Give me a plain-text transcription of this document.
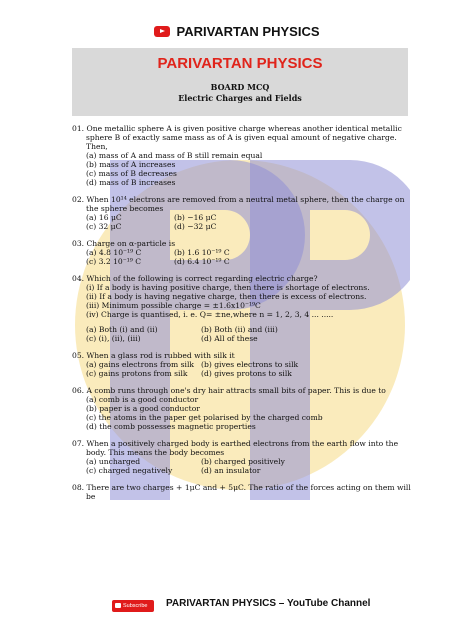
PARIVARTAN PHYSICS
PARIVARTAN PHYSICS
BOARD MCQ
Electric Charges and Fields
01. One metallic sphere A is given positive charge whereas another identical metallic sphere B of exactly same mass as of A is given equal amount of negative charge. Then,
(a) mass of A and mass of B still remain equal
(b) mass of A increases
(c) mass of B decreases
(d) mass of B increases
02. When 10¹⁴ electrons are removed from a neutral metal sphere, then the charge on the sphere becomes
(a) 16 μC	(b) −16 μC
(c) 32 μC	(d) −32 μC
03. Charge on α-particle is
(a) 4.8 10⁻¹⁹ C	(b) 1.6 10⁻¹⁹ C
(c) 3.2 10⁻¹⁹ C	(d) 6.4 10⁻¹⁹ C
04. Which of the following is correct regarding electric charge?
(i) If a body is having positive charge, then there is shortage of electrons.
(ii) If a body is having negative charge, then there is excess of electrons.
(iii) Minimum possible charge = ±1.6x10⁻¹⁹C
(iv) Charge is quantised, i. e. Q= ±ne,where n = 1, 2, 3, 4 ... .....
(a) Both (i) and (ii)	(b) Both (ii) and (iii)
(c) (i), (ii), (iii)	(d) All of these
05. When a glass rod is rubbed with silk it
(a) gains electrons from silk (b) gives electrons to silk
(c) gains protons from silk	(d) gives protons to silk
06. A comb runs through one's dry hair attracts small bits of paper. This is due to
(a) comb is a good conductor
(b) paper is a good conductor
(c) the atoms in the paper get polarised by the charged comb
(d) the comb possesses magnetic properties
07. When a positively charged body is earthed electrons from the earth flow into the body. This means the body becomes
(a) uncharged	(b) charged positively
(c) charged negatively	(d) an insulator
08. There are two charges + 1μC and + 5μC. The ratio of the forces acting on them will be
Subscribe	PARIVARTAN PHYSICS – YouTube Channel
